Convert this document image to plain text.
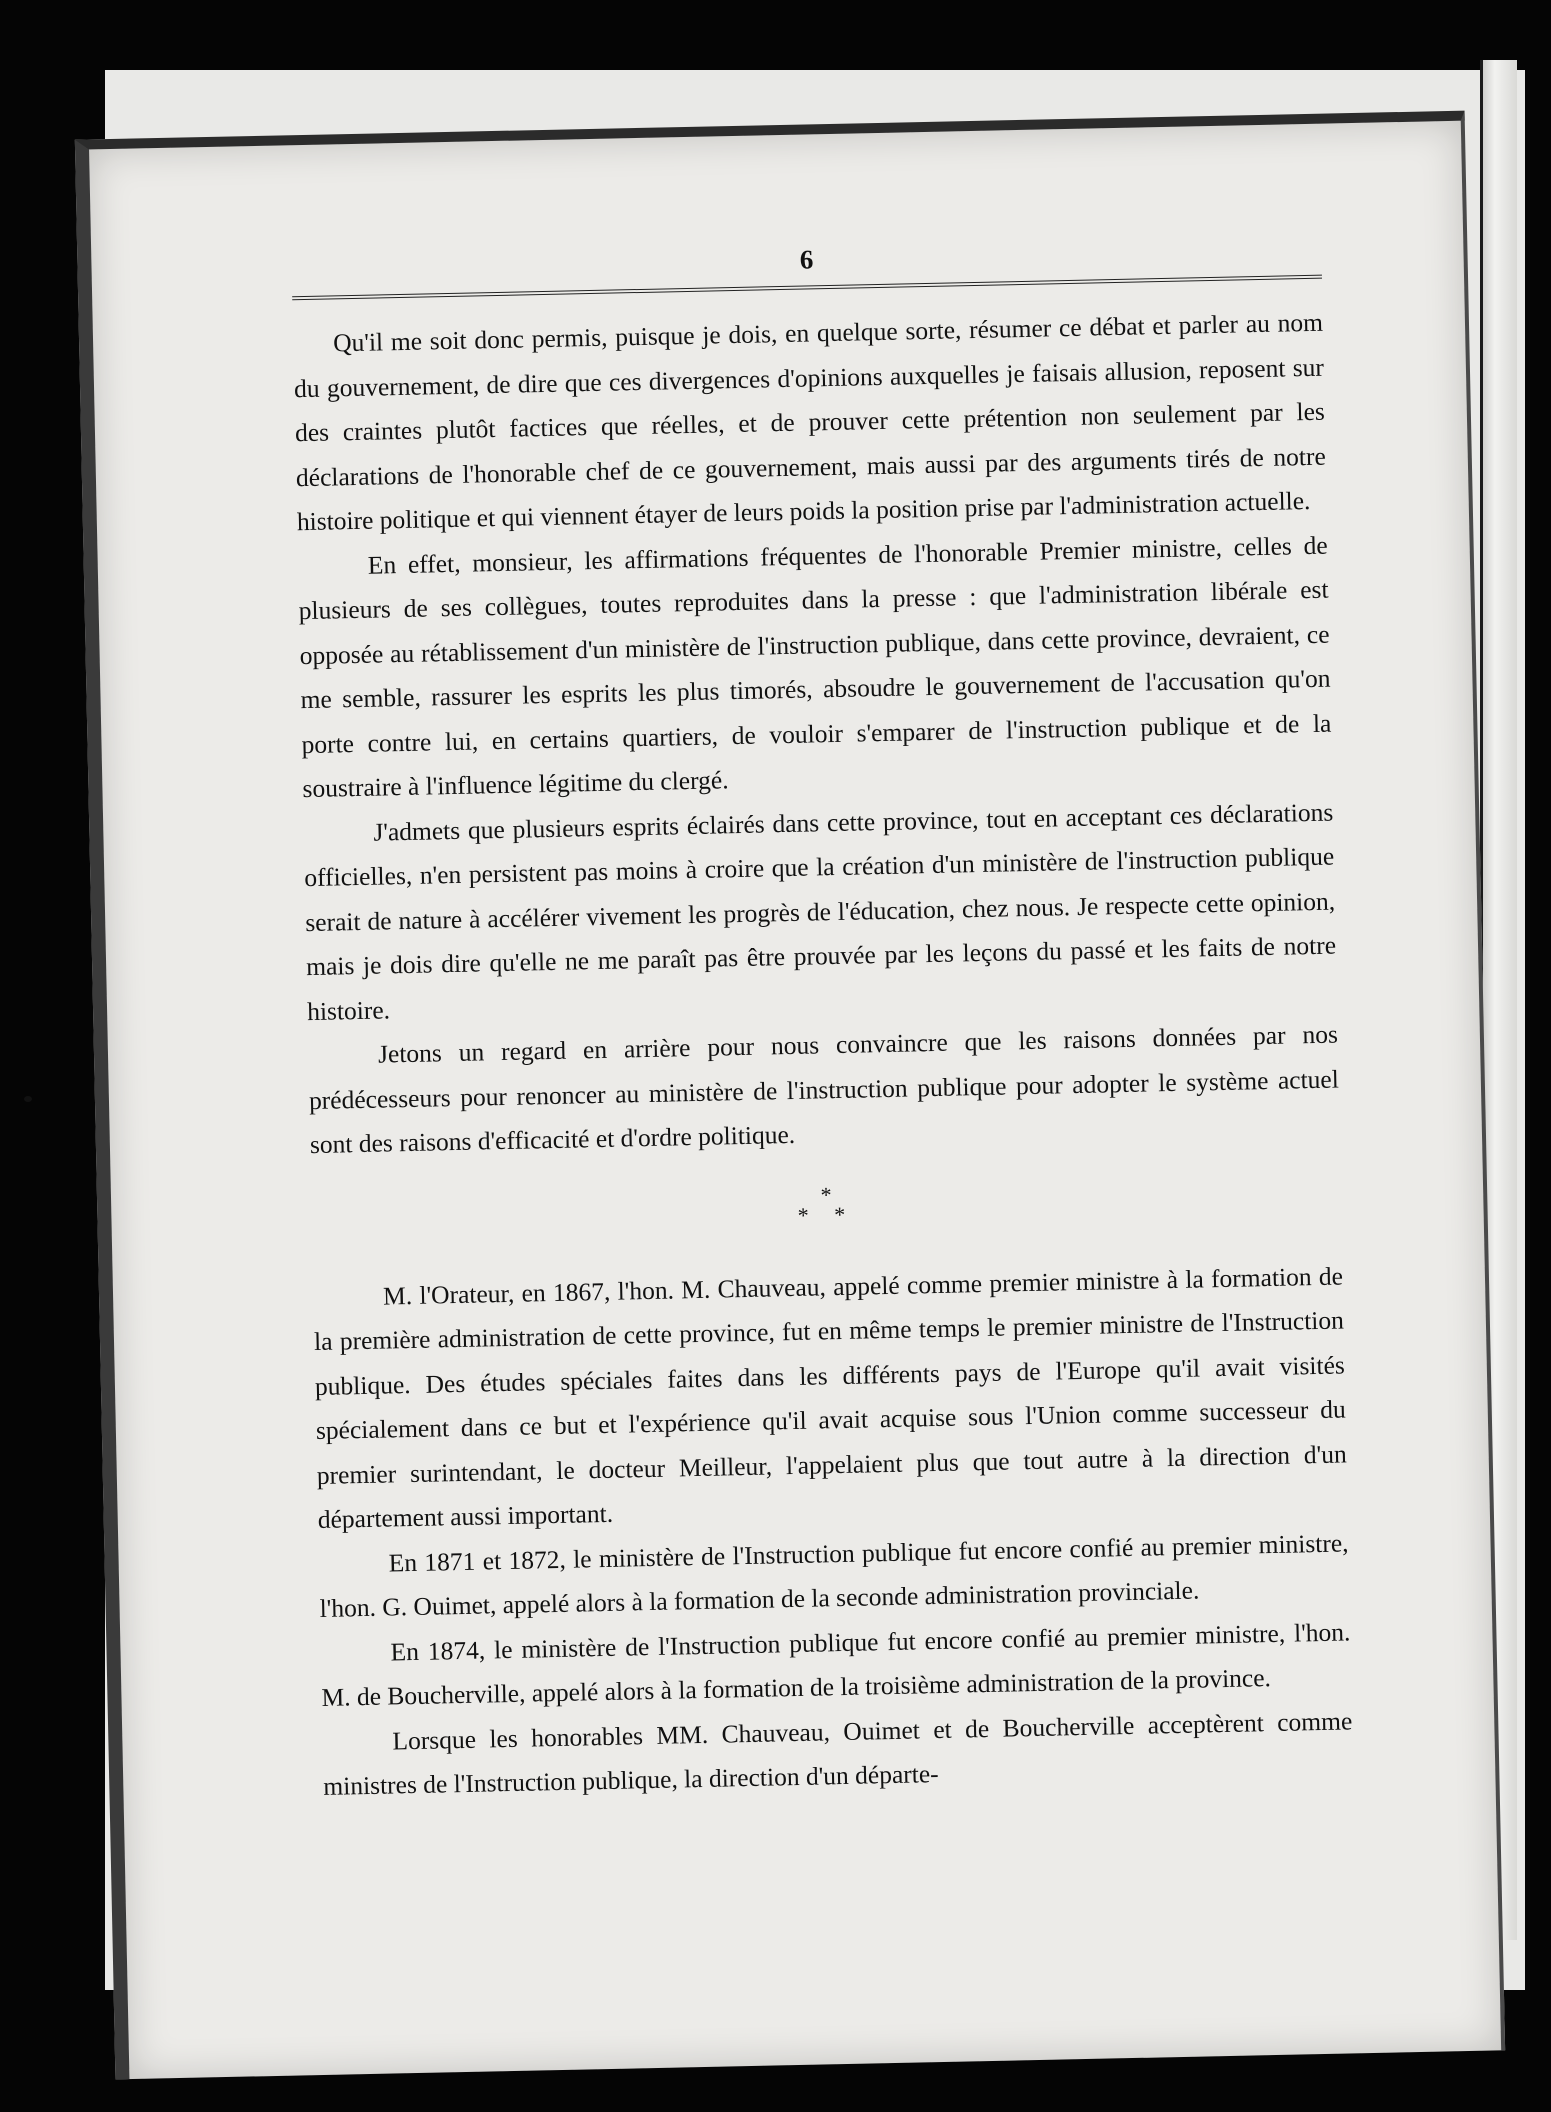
6

Qu'il me soit donc permis, puisque je dois, en quelque sorte, résumer ce débat et parler au nom du gouvernement, de dire que ces divergences d'opinions auxquelles je faisais allusion, reposent sur des craintes plutôt factices que réelles, et de prouver cette prétention non seulement par les déclarations de l'honorable chef de ce gouvernement, mais aussi par des arguments tirés de notre histoire politique et qui viennent étayer de leurs poids la position prise par l'administration actuelle.

En effet, monsieur, les affirmations fréquentes de l'honorable Premier ministre, celles de plusieurs de ses collègues, toutes reproduites dans la presse : que l'administration libérale est opposée au rétablissement d'un ministère de l'instruction publique, dans cette province, devraient, ce me semble, rassurer les esprits les plus timorés, absoudre le gouvernement de l'accusation qu'on porte contre lui, en certains quartiers, de vouloir s'emparer de l'instruction publique et de la soustraire à l'influence légitime du clergé.

J'admets que plusieurs esprits éclairés dans cette province, tout en acceptant ces déclarations officielles, n'en persistent pas moins à croire que la création d'un ministère de l'instruction publique serait de nature à accélérer vivement les progrès de l'éducation, chez nous. Je respecte cette opinion, mais je dois dire qu'elle ne me paraît pas être prouvée par les leçons du passé et les faits de notre histoire.

Jetons un regard en arrière pour nous convaincre que les raisons données par nos prédécesseurs pour renoncer au ministère de l'instruction publique pour adopter le système actuel sont des raisons d'efficacité et d'ordre politique.

*
* *

M. l'Orateur, en 1867, l'hon. M. Chauveau, appelé comme premier ministre à la formation de la première administration de cette province, fut en même temps le premier ministre de l'Instruction publique. Des études spéciales faites dans les différents pays de l'Europe qu'il avait visités spécialement dans ce but et l'expérience qu'il avait acquise sous l'Union comme successeur du premier surintendant, le docteur Meilleur, l'appelaient plus que tout autre à la direction d'un département aussi important.

En 1871 et 1872, le ministère de l'Instruction publique fut encore confié au premier ministre, l'hon. G. Ouimet, appelé alors à la formation de la seconde administration provinciale.

En 1874, le ministère de l'Instruction publique fut encore confié au premier ministre, l'hon. M. de Boucherville, appelé alors à la formation de la troisième administration de la province.

Lorsque les honorables MM. Chauveau, Ouimet et de Boucherville acceptèrent comme ministres de l'Instruction publique, la direction d'un départe-
